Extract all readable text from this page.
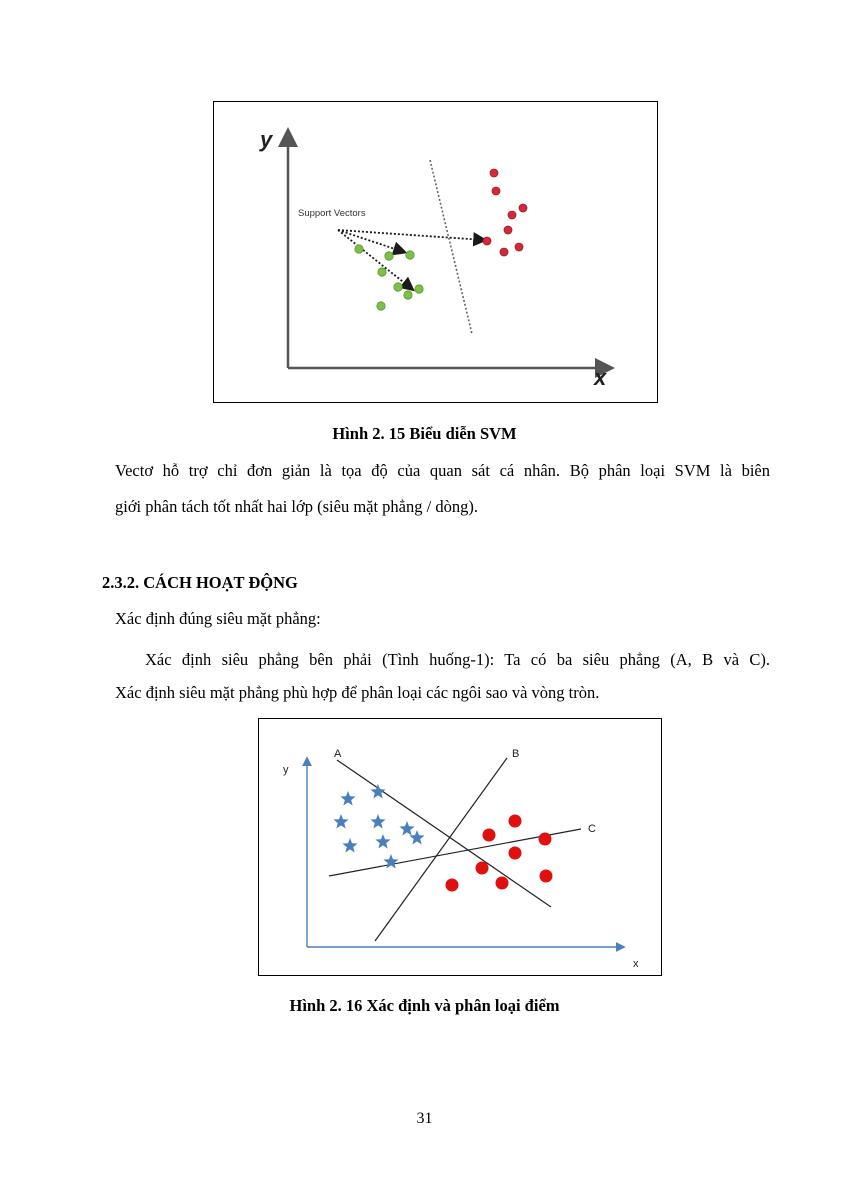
y
x
Support Vectors
Hình 2. 15 Biểu diễn SVM
Vectơ hỗ trợ chỉ đơn giản là tọa độ của quan sát cá nhân. Bộ phân loại SVM là biên
giới phân tách tốt nhất hai lớp (siêu mặt phẳng / dòng).
2.3.2. CÁCH HOẠT ĐỘNG
Xác định đúng siêu mặt phẳng:
Xác định siêu phẳng bên phải (Tình huống-1): Ta có ba siêu phẳng (A, B và C).
Xác định siêu mặt phẳng phù hợp để phân loại các ngôi sao và vòng tròn.
y
x
A	B
C
Hình 2. 16 Xác định và phân loại điểm
31
